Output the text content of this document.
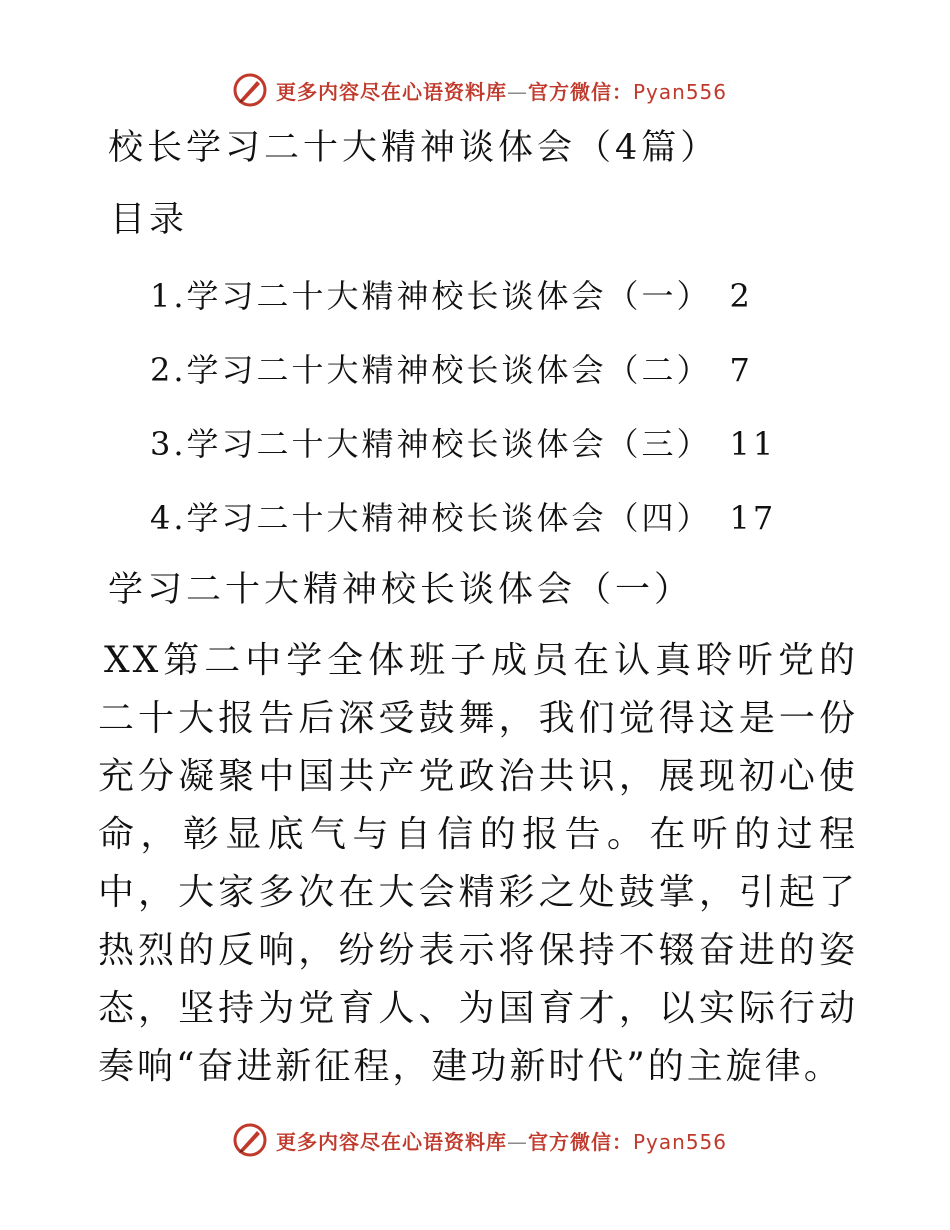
更多内容尽在心语资料库—官方微信：Pyan556
校长学习二十大精神谈体会（4篇）
目录
1.学习二十大精神校长谈体会（一） 2
2.学习二十大精神校长谈体会（二） 7
3.学习二十大精神校长谈体会（三） 11
4.学习二十大精神校长谈体会（四） 17
学习二十大精神校长谈体会（一）
XX第二中学全体班子成员在认真聆听党的二十大报告后深受鼓舞，我们觉得这是一份充分凝聚中国共产党政治共识，展现初心使命，彰显底气与自信的报告。在听的过程中，大家多次在大会精彩之处鼓掌，引起了热烈的反响，纷纷表示将保持不辍奋进的姿态，坚持为党育人、为国育才，以实际行动奏响“奋进新征程，建功新时代”的主旋律。
更多内容尽在心语资料库—官方微信：Pyan556
